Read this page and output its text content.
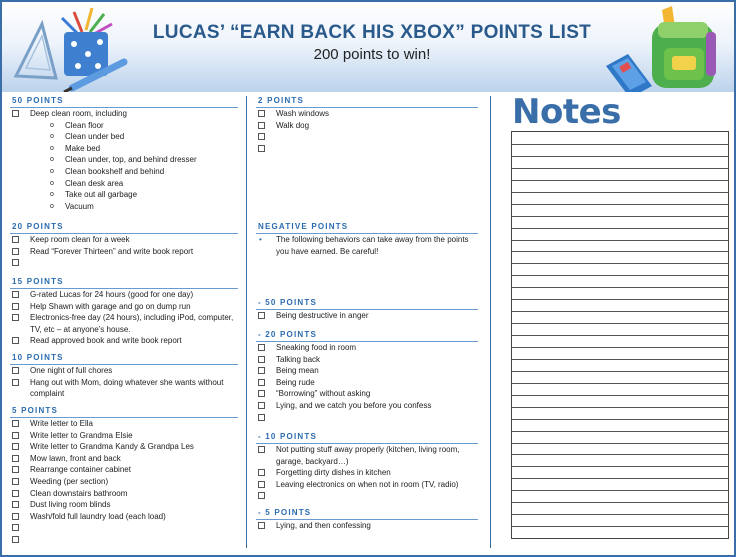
LUCAS’ “EARN BACK HIS XBOX” POINTS LIST
200 points to win!
50 POINTS
Deep clean room, including
o Clean floor
o Clean under bed
o Make bed
o Clean under, top, and behind dresser
o Clean bookshelf and behind
o Clean desk area
o Take out all garbage
o Vacuum
20 POINTS
Keep room clean for a week
Read “Forever Thirteen” and write book report

15 POINTS
G-rated Lucas for 24 hours (good for one day)
Help Shawn with garage and go on dump run
Electronics-free day (24 hours), including iPod, computer, TV, etc – at anyone’s house.
Read approved book and write book report
10 POINTS
One night of full chores
Hang out with Mom, doing whatever she wants without complaint
5 POINTS
Write letter to Ella
Write letter to Grandma Elsie
Write letter to Grandma Kandy & Grandpa Les
Mow lawn, front and back
Rearrange container cabinet
Weeding (per section)
Clean downstairs bathroom
Dust living room blinds
Wash/fold full laundry load (each load)

2 POINTS
Wash windows
Walk dog

NEGATIVE POINTS
• The following behaviors can take away from the points you have earned. Be careful!
- 50 POINTS
Being destructive in anger
- 20 POINTS
Sneaking food in room
Talking back
Being mean
Being rude
“Borrowing” without asking
Lying, and we catch you before you confess

- 10 POINTS
Not putting stuff away properly (kitchen, living room, garage, backyard…)
Forgetting dirty dishes in kitchen
Leaving electronics on when not in room (TV, radio)

- 5 POINTS
Lying, and then confessing
Notes
